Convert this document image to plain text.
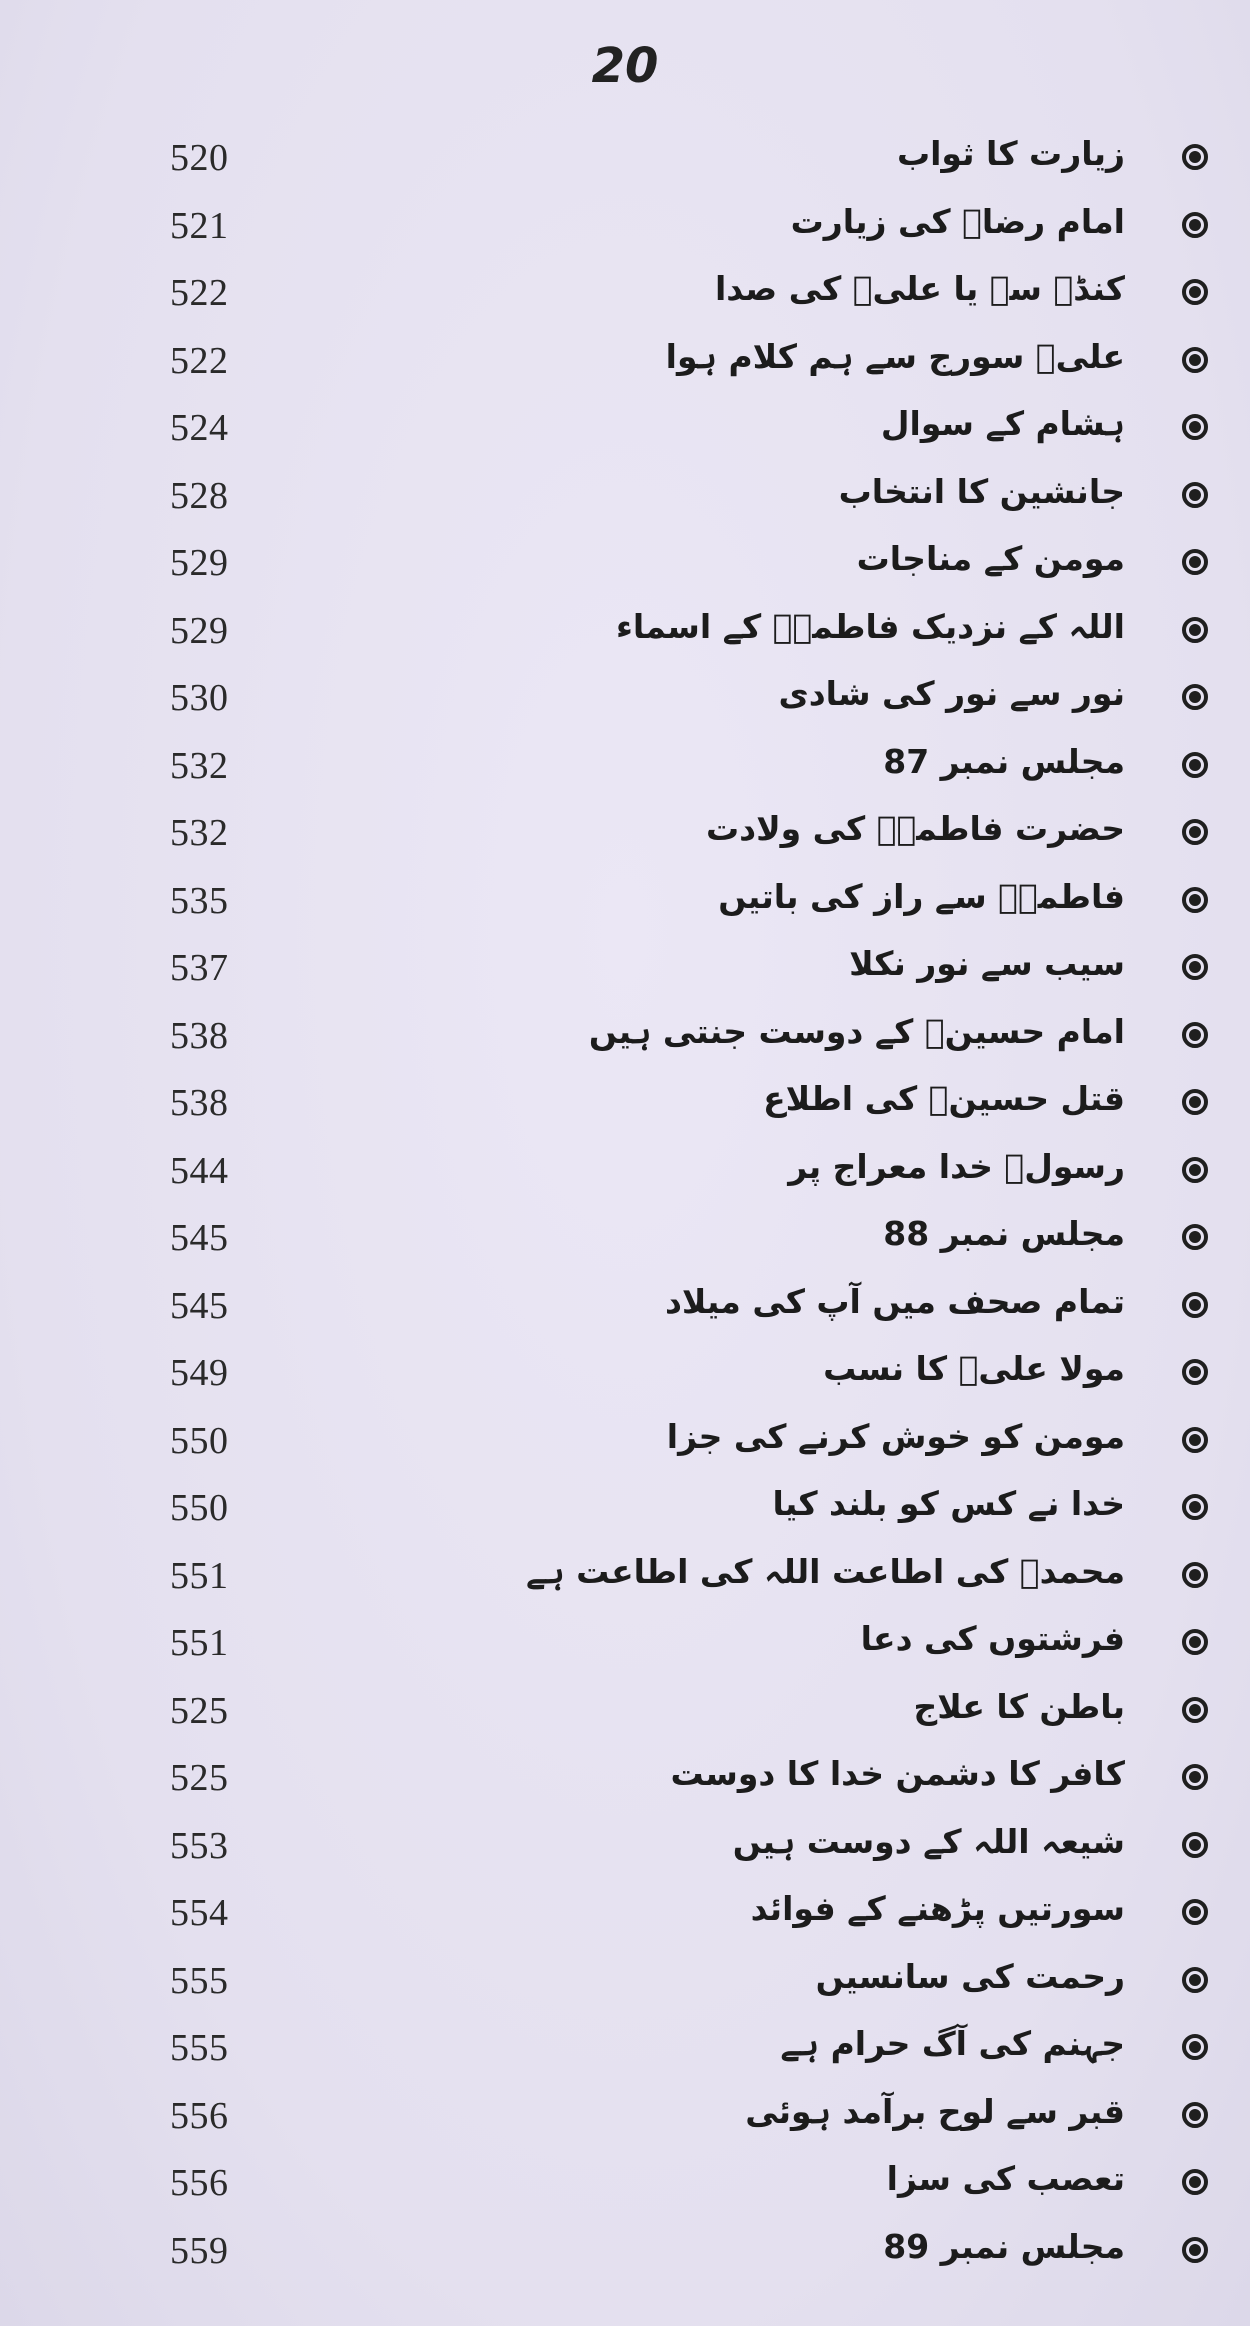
20
520	زیارت کا ثواب
521	امام رضاؑ کی زیارت
522	کنڈے سے یا علیؑ کی صدا
522	علیؑ سورج سے ہم کلام ہوا
524	ہشام کے سوال
528	جانشین کا انتخاب
529	مومن کے مناجات
529	اللہ کے نزدیک فاطمہؑ کے اسماء
530	نور سے نور کی شادی
532	مجلس نمبر 87
532	حضرت فاطمہؑ کی ولادت
535	فاطمہؑ سے راز کی باتیں
537	سیب سے نور نکلا
538	امام حسینؑ کے دوست جنتی ہیں
538	قتل حسینؑ کی اطلاع
544	رسولؐ خدا معراج پر
545	مجلس نمبر 88
545	تمام صحف میں آپ کی میلاد
549	مولا علیؑ کا نسب
550	مومن کو خوش کرنے کی جزا
550	خدا نے کس کو بلند کیا
551	محمدؐ کی اطاعت اللہ کی اطاعت ہے
551	فرشتوں کی دعا
525	باطن کا علاج
525	کافر کا دشمن خدا کا دوست
553	شیعہ اللہ کے دوست ہیں
554	سورتیں پڑھنے کے فوائد
555	رحمت کی سانسیں
555	جہنم کی آگ حرام ہے
556	قبر سے لوح برآمد ہوئی
556	تعصب کی سزا
559	مجلس نمبر 89
